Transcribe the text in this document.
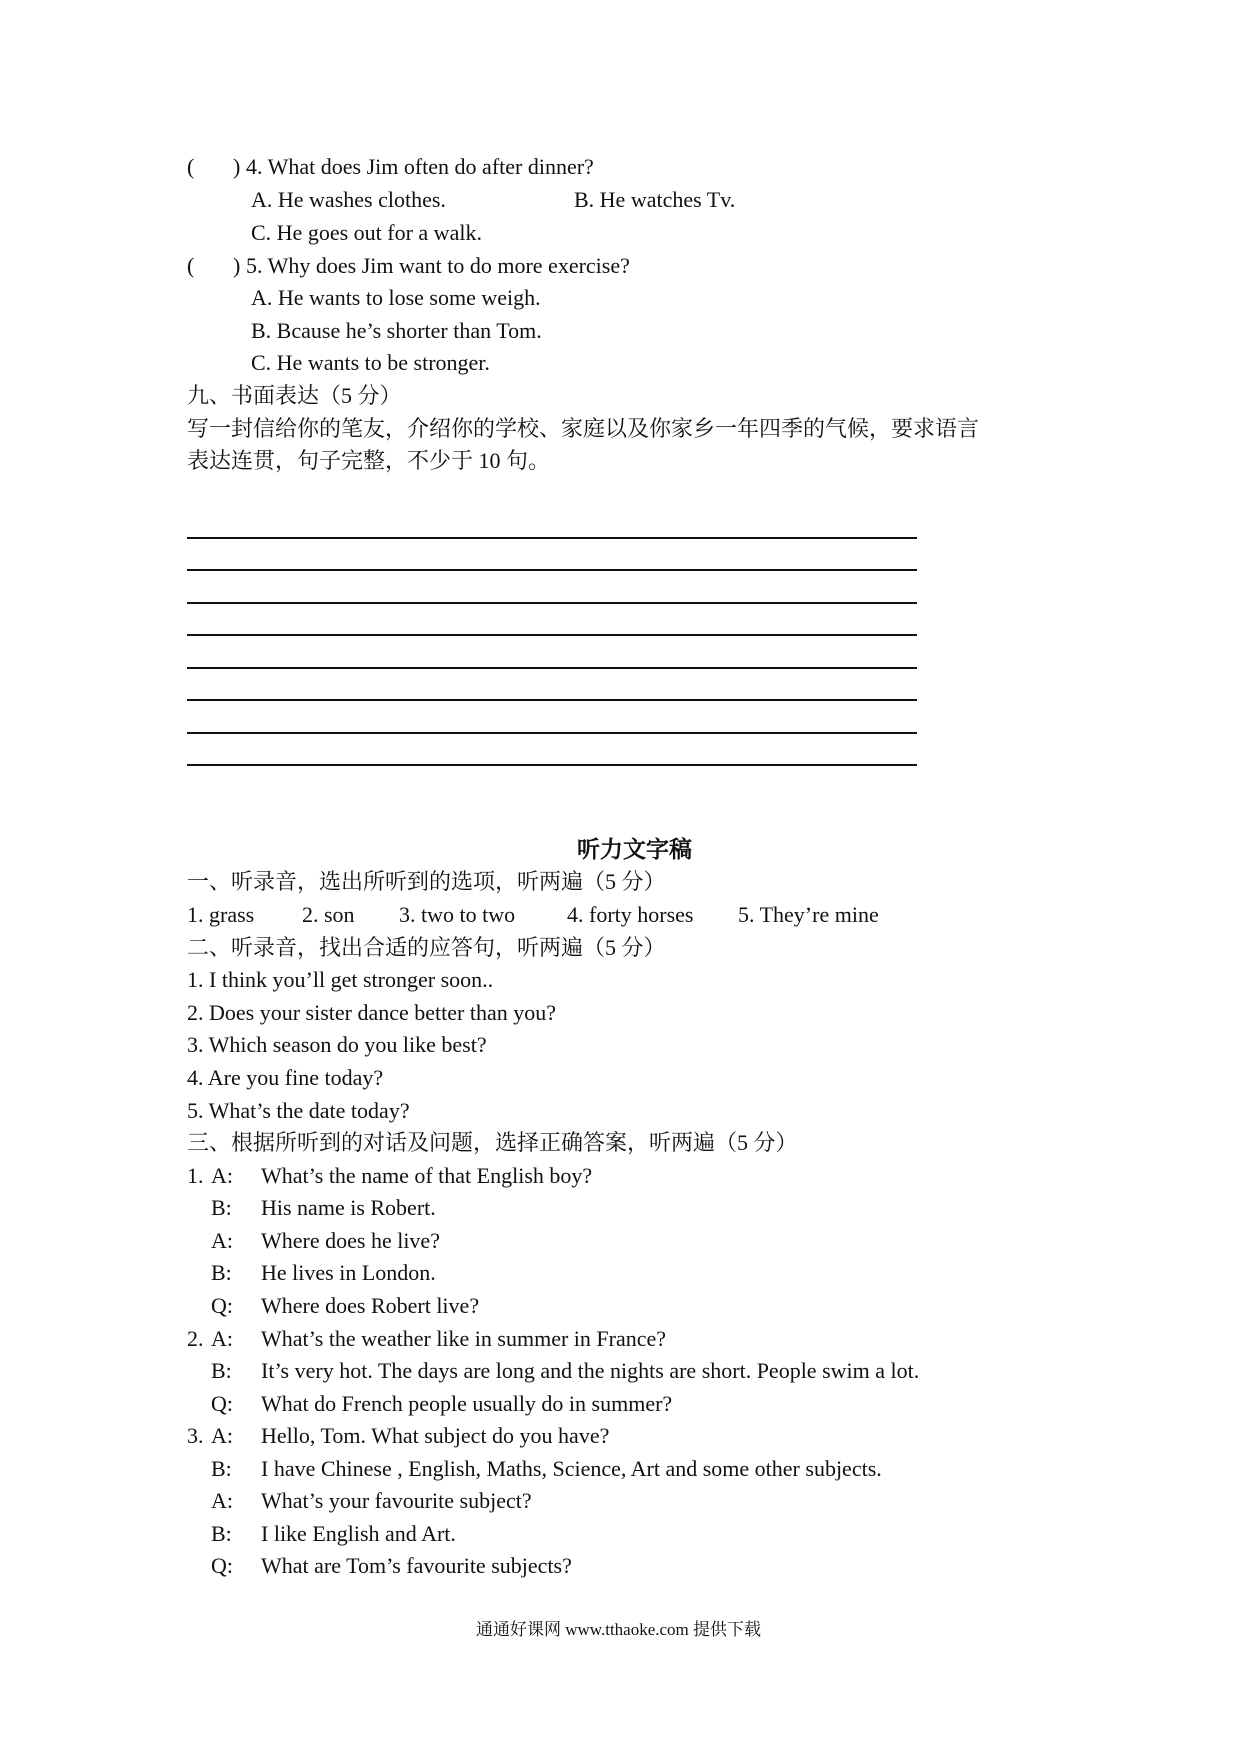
( ) 4. What does Jim often do after dinner?
A. He washes clothes.	B. He watches Tv.
C. He goes out for a walk.
( ) 5. Why does Jim want to do more exercise?
A. He wants to lose some weigh.
B. Bcause he’s shorter than Tom.
C. He wants to be stronger.
九、书面表达（5 分）
写一封信给你的笔友，介绍你的学校、家庭以及你家乡一年四季的气候，要求语言
表达连贯，句子完整，不少于 10 句。
听力文字稿
一、听录音，选出所听到的选项，听两遍（5 分）
1. grass 2. son 3. two to two 4. forty horses 5. They’re mine
二、听录音，找出合适的应答句，听两遍（5 分）
1. I think you’ll get stronger soon..
2. Does your sister dance better than you?
3. Which season do you like best?
4. Are you fine today?
5. What’s the date today?
三、根据所听到的对话及问题，选择正确答案，听两遍（5 分）
1. A: What’s the name of that English boy?
B: His name is Robert.
A: Where does he live?
B: He lives in London.
Q: Where does Robert live?
2. A: What’s the weather like in summer in France?
B: It’s very hot. The days are long and the nights are short. People swim a lot.
Q: What do French people usually do in summer?
3. A: Hello, Tom. What subject do you have?
B: I have Chinese , English, Maths, Science, Art and some other subjects.
A: What’s your favourite subject?
B: I like English and Art.
Q: What are Tom’s favourite subjects?
通通好课网 www.tthaoke.com 提供下载
